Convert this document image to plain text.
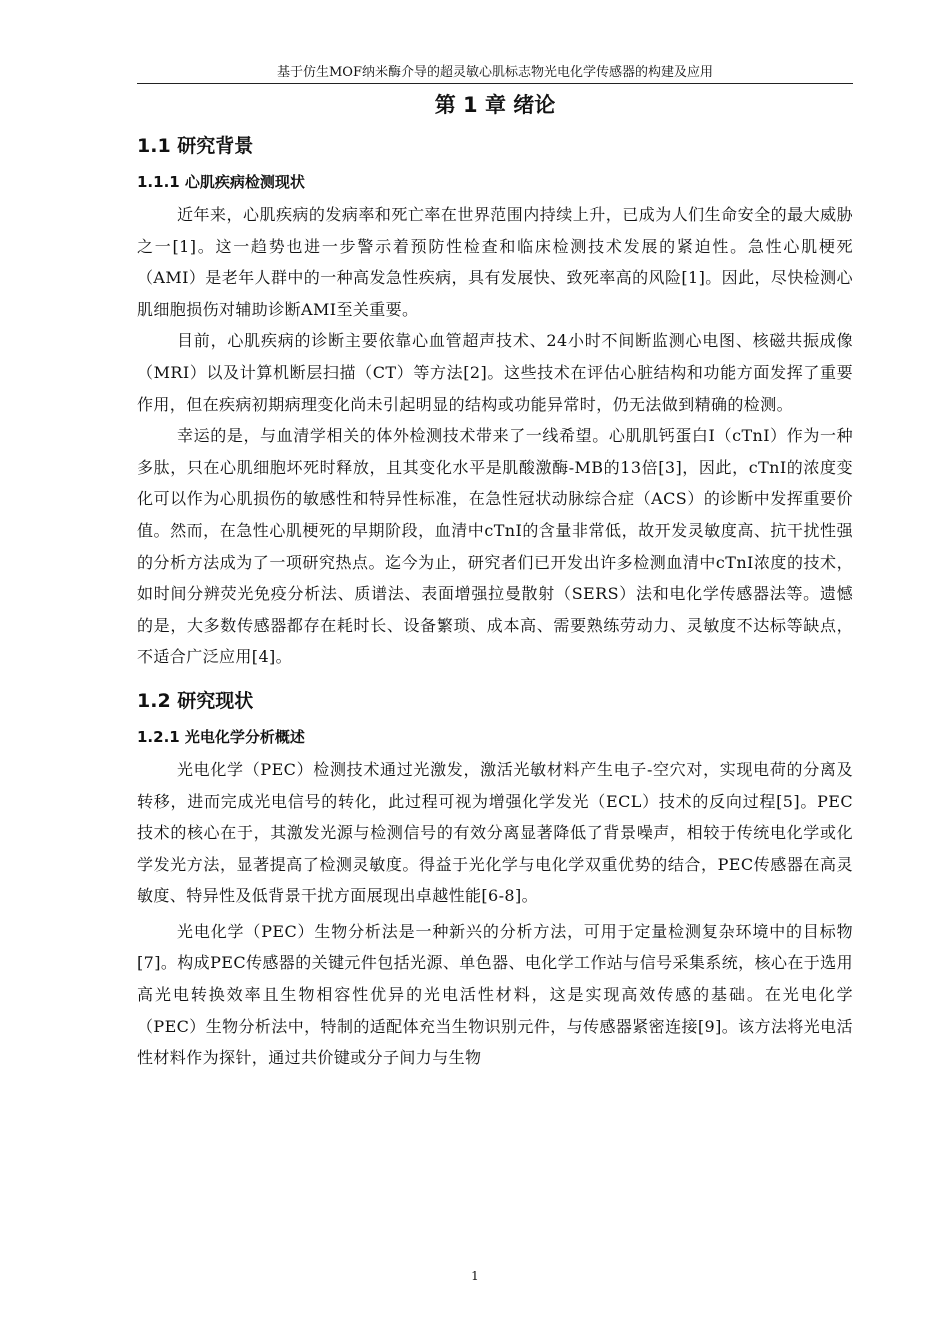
基于仿生MOF纳米酶介导的超灵敏心肌标志物光电化学传感器的构建及应用
第 1 章 绪论
1.1 研究背景
1.1.1 心肌疾病检测现状

近年来，心肌疾病的发病率和死亡率在世界范围内持续上升，已成为人们生命安全的最大威胁之一[1]。这一趋势也进一步警示着预防性检查和临床检测技术发展的紧迫性。急性心肌梗死（AMI）是老年人群中的一种高发急性疾病，具有发展快、致死率高的风险[1]。因此，尽快检测心肌细胞损伤对辅助诊断AMI至关重要。

目前，心肌疾病的诊断主要依靠心血管超声技术、24小时不间断监测心电图、核磁共振成像（MRI）以及计算机断层扫描（CT）等方法[2]。这些技术在评估心脏结构和功能方面发挥了重要作用，但在疾病初期病理变化尚未引起明显的结构或功能异常时，仍无法做到精确的检测。

幸运的是，与血清学相关的体外检测技术带来了一线希望。心肌肌钙蛋白I（cTnI）作为一种多肽，只在心肌细胞坏死时释放，且其变化水平是肌酸激酶-MB的13倍[3]，因此，cTnI的浓度变化可以作为心肌损伤的敏感性和特异性标准，在急性冠状动脉综合症（ACS）的诊断中发挥重要价值。然而，在急性心肌梗死的早期阶段，血清中cTnI的含量非常低，故开发灵敏度高、抗干扰性强的分析方法成为了一项研究热点。迄今为止，研究者们已开发出许多检测血清中cTnI浓度的技术，如时间分辨荧光免疫分析法、质谱法、表面增强拉曼散射（SERS）法和电化学传感器法等。遗憾的是，大多数传感器都存在耗时长、设备繁琐、成本高、需要熟练劳动力、灵敏度不达标等缺点，不适合广泛应用[4]。

1.2 研究现状
1.2.1 光电化学分析概述

光电化学（PEC）检测技术通过光激发，激活光敏材料产生电子-空穴对，实现电荷的分离及转移，进而完成光电信号的转化，此过程可视为增强化学发光（ECL）技术的反向过程[5]。PEC技术的核心在于，其激发光源与检测信号的有效分离显著降低了背景噪声，相较于传统电化学或化学发光方法，显著提高了检测灵敏度。得益于光化学与电化学双重优势的结合，PEC传感器在高灵敏度、特异性及低背景干扰方面展现出卓越性能[6-8]。

光电化学（PEC）生物分析法是一种新兴的分析方法，可用于定量检测复杂环境中的目标物[7]。构成PEC传感器的关键元件包括光源、单色器、电化学工作站与信号采集系统，核心在于选用高光电转换效率且生物相容性优异的光电活性材料，这是实现高效传感的基础。在光电化学（PEC）生物分析法中，特制的适配体充当生物识别元件，与传感器紧密连接[9]。该方法将光电活性材料作为探针，通过共价键或分子间力与生物

1
